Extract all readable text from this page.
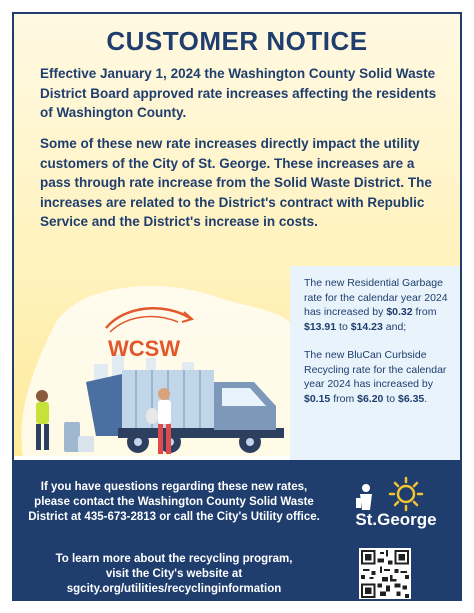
CUSTOMER NOTICE
Effective January 1, 2024 the Washington County Solid Waste District Board approved rate increases affecting the residents of Washington County.
Some of these new rate increases directly impact the utility customers of the City of St. George. These increases are a pass through rate increase from the Solid Waste District. The increases are related to the District's contract with Republic Service and the District's increase in costs.
WCSW

The new Residential Garbage rate for the calendar year 2024 has increased by $0.32 from $13.91 to $14.23 and;

The new BluCan Curbside Recycling rate for the calendar year 2024 has increased by $0.15 from $6.20 to $6.35.

If you have questions regarding these new rates, please contact the Washington County Solid Waste District at 435-673-2813 or call the City's Utility office.
To learn more about the recycling program,
visit the City's website at
sgcity.org/utilities/recyclinginformation
St.George
